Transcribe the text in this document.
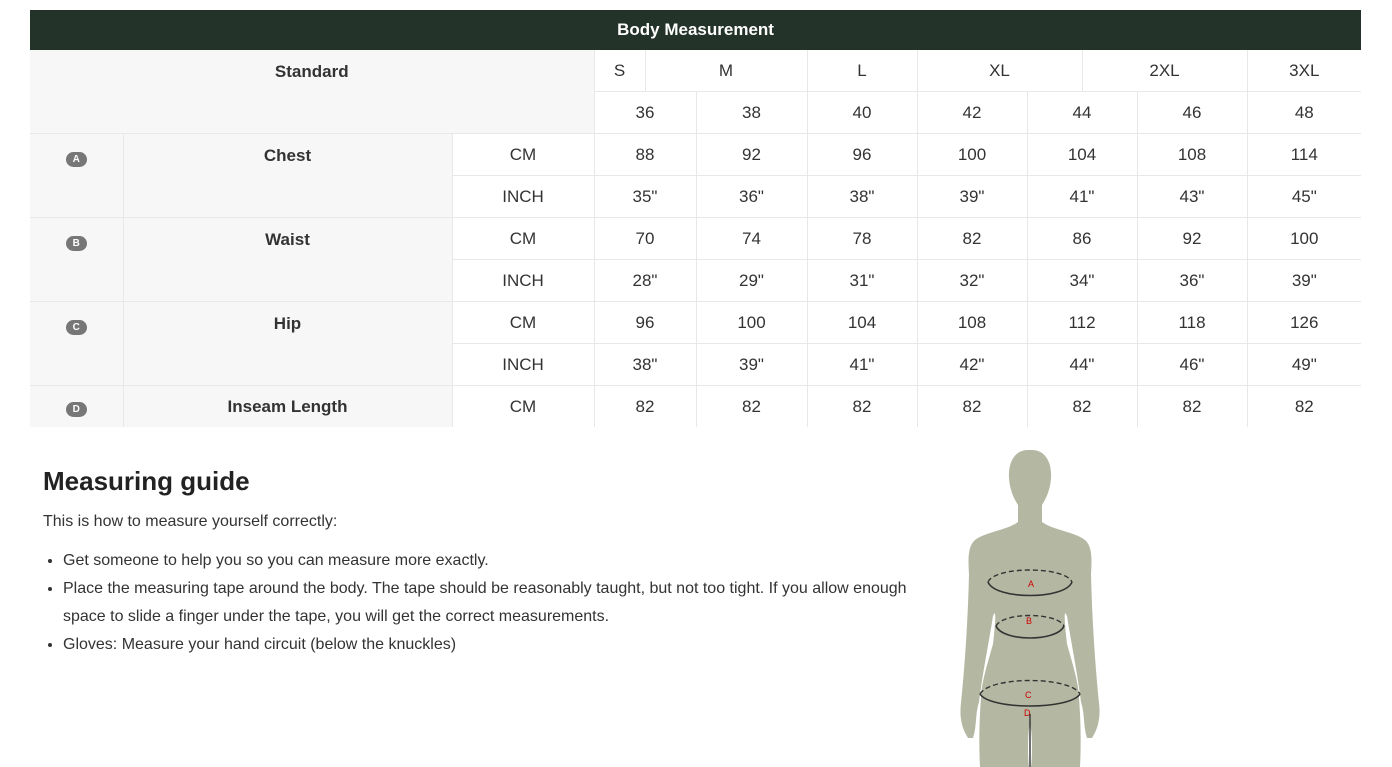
Body Measurement											
Standard			S	M		L	XL		2XL		3XL
			36		38	40	42	44		46	48
A	Chest	CM	88		92	96	100	104		108	114
		INCH	35"		36"	38"	39"	41"		43"	45"
B	Waist	CM	70		74	78	82	86		92	100
		INCH	28"		29"	31"	32"	34"		36"	39"
C	Hip	CM	96		100	104	108	112		118	126
		INCH	38"		39"	41"	42"	44"		46"	49"
D	Inseam Length	CM	82		82	82	82	82		82	82
Measuring guide

This is how to measure yourself correctly:

• Get someone to help you so you can measure more exactly.
• Place the measuring tape around the body. The tape should be reasonably taught, but not too tight. If you allow enough space to slide a finger under the tape, you will get the correct measurements.
• Gloves: Measure your hand circuit (below the knuckles)
A
B
C
D
